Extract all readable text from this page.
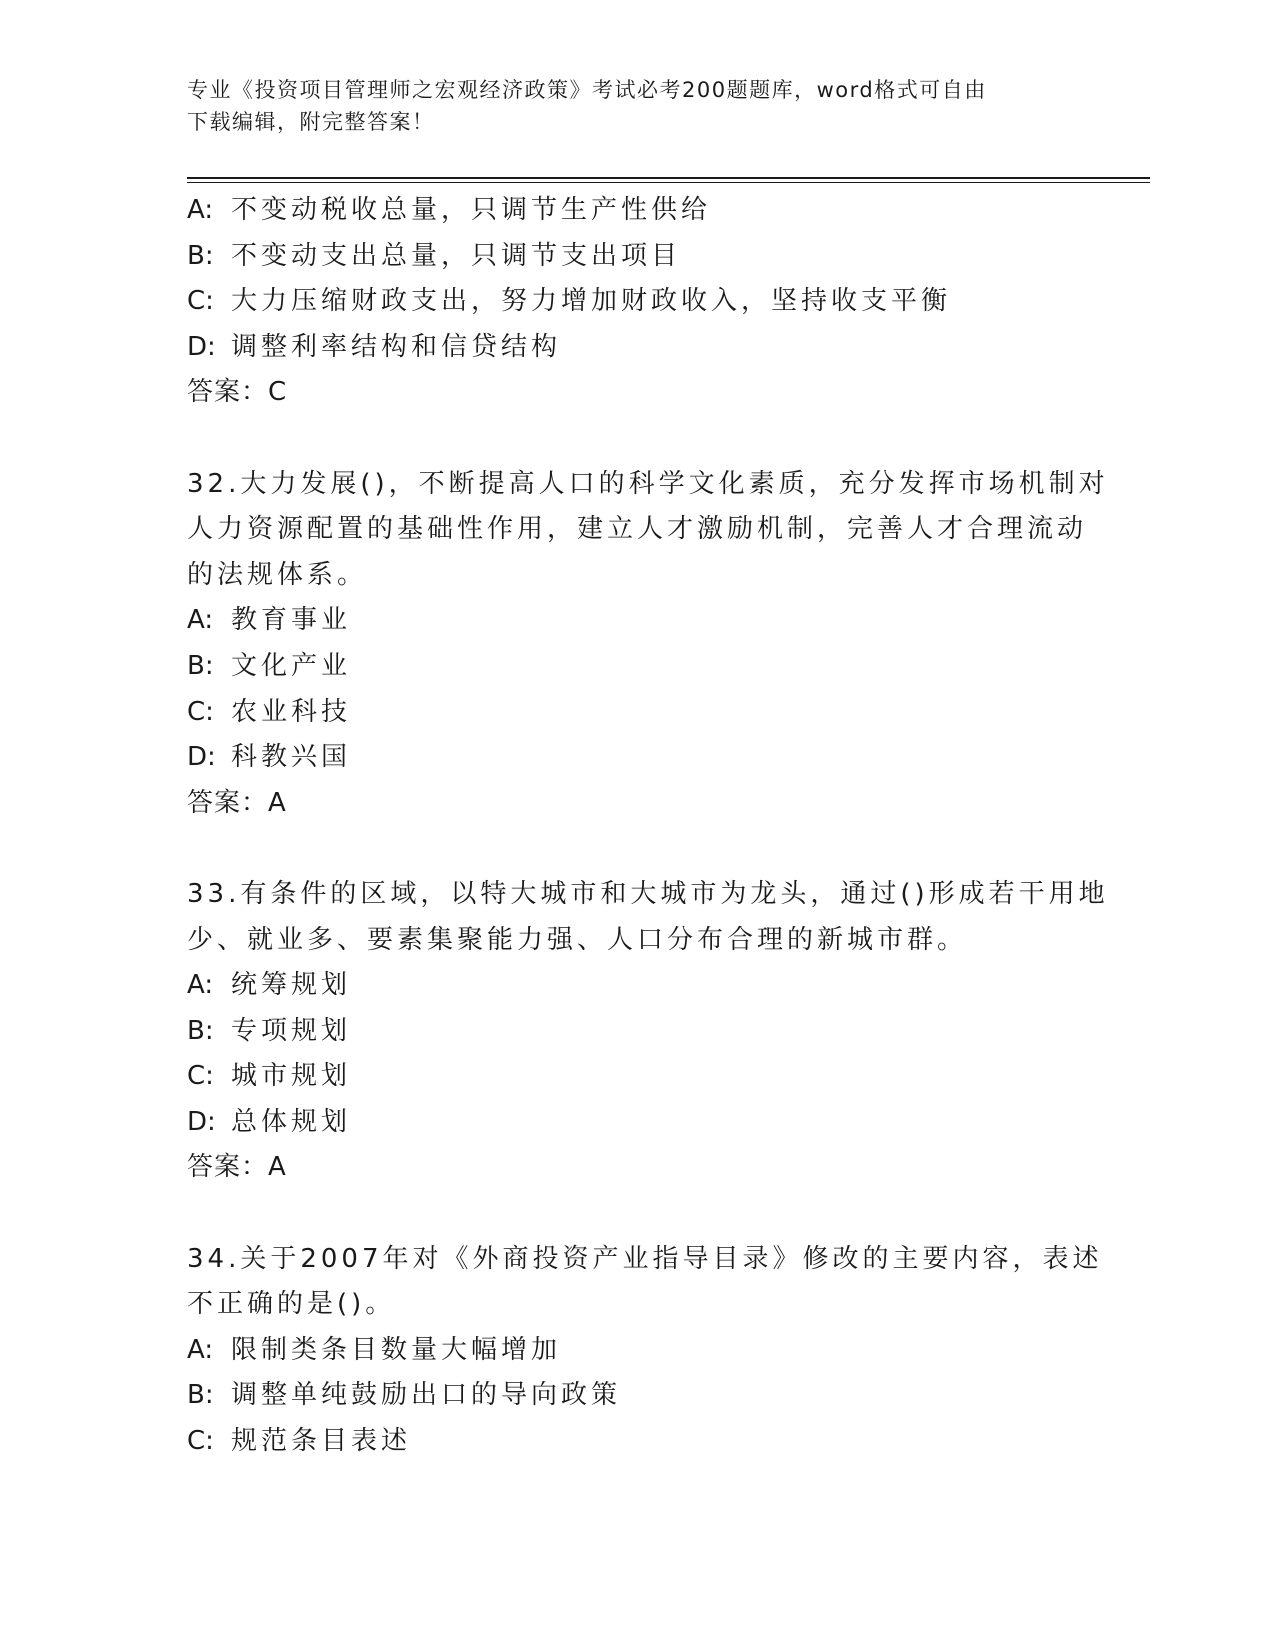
专业《投资项目管理师之宏观经济政策》考试必考200题题库，word格式可自由
下载编辑，附完整答案！

A: 不变动税收总量，只调节生产性供给

B: 不变动支出总量，只调节支出项目

C: 大力压缩财政支出，努力增加财政收入，坚持收支平衡

D: 调整利率结构和信贷结构

答案：C

32.大力发展()，不断提高人口的科学文化素质，充分发挥市场机制对

人力资源配置的基础性作用，建立人才激励机制，完善人才合理流动

的法规体系。

A: 教育事业

B: 文化产业

C: 农业科技

D: 科教兴国

答案：A

33.有条件的区域，以特大城市和大城市为龙头，通过()形成若干用地

少、就业多、要素集聚能力强、人口分布合理的新城市群。

A: 统筹规划

B: 专项规划

C: 城市规划

D: 总体规划

答案：A

34.关于2007年对《外商投资产业指导目录》修改的主要内容，表述

不正确的是()。

A: 限制类条目数量大幅增加

B: 调整单纯鼓励出口的导向政策

C: 规范条目表述
